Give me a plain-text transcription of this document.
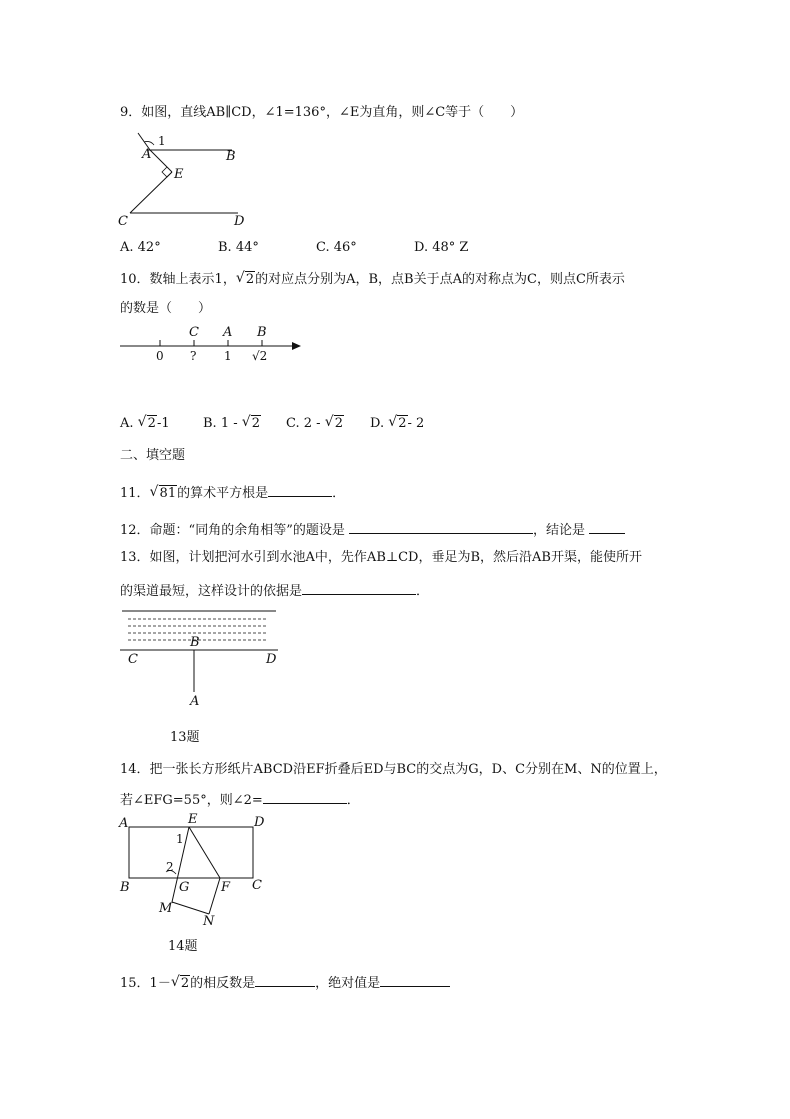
9．如图，直线AB∥CD，∠1=136°，∠E为直角，则∠C等于（　　）
1
A	B
E
C	D
A. 42°	B. 44°	C. 46°	D. 48° Z
10．数轴上表示1， √ 2的对应点分别为A，B，点B关于点A的对称点为C，则点C所表示
的数是（　　）
C A B
0 ? 1 √2
A. √ 2-1	B. 1 - √ 2 C. 2 - √ 2 D. √ 2- 2
二、填空题
11． √ 81的算术平方根是	．
12．命题：“同角的余角相等”的题设是	，结论是
13．如图，计划把河水引到水池A中，先作AB⊥CD，垂足为B，然后沿AB开渠，能使所开
的渠道最短，这样设计的依据是	．
B
C	D
A
13题
14．把一张长方形纸片ABCD沿EF折叠后ED与BC的交点为G，D、C分别在M、N的位置上，
若∠EFG=55°，则∠2=	．
A	E	D
1
2
B	G F C
M
N
14题
15．1－ √ 2的相反数是	，绝对值是
